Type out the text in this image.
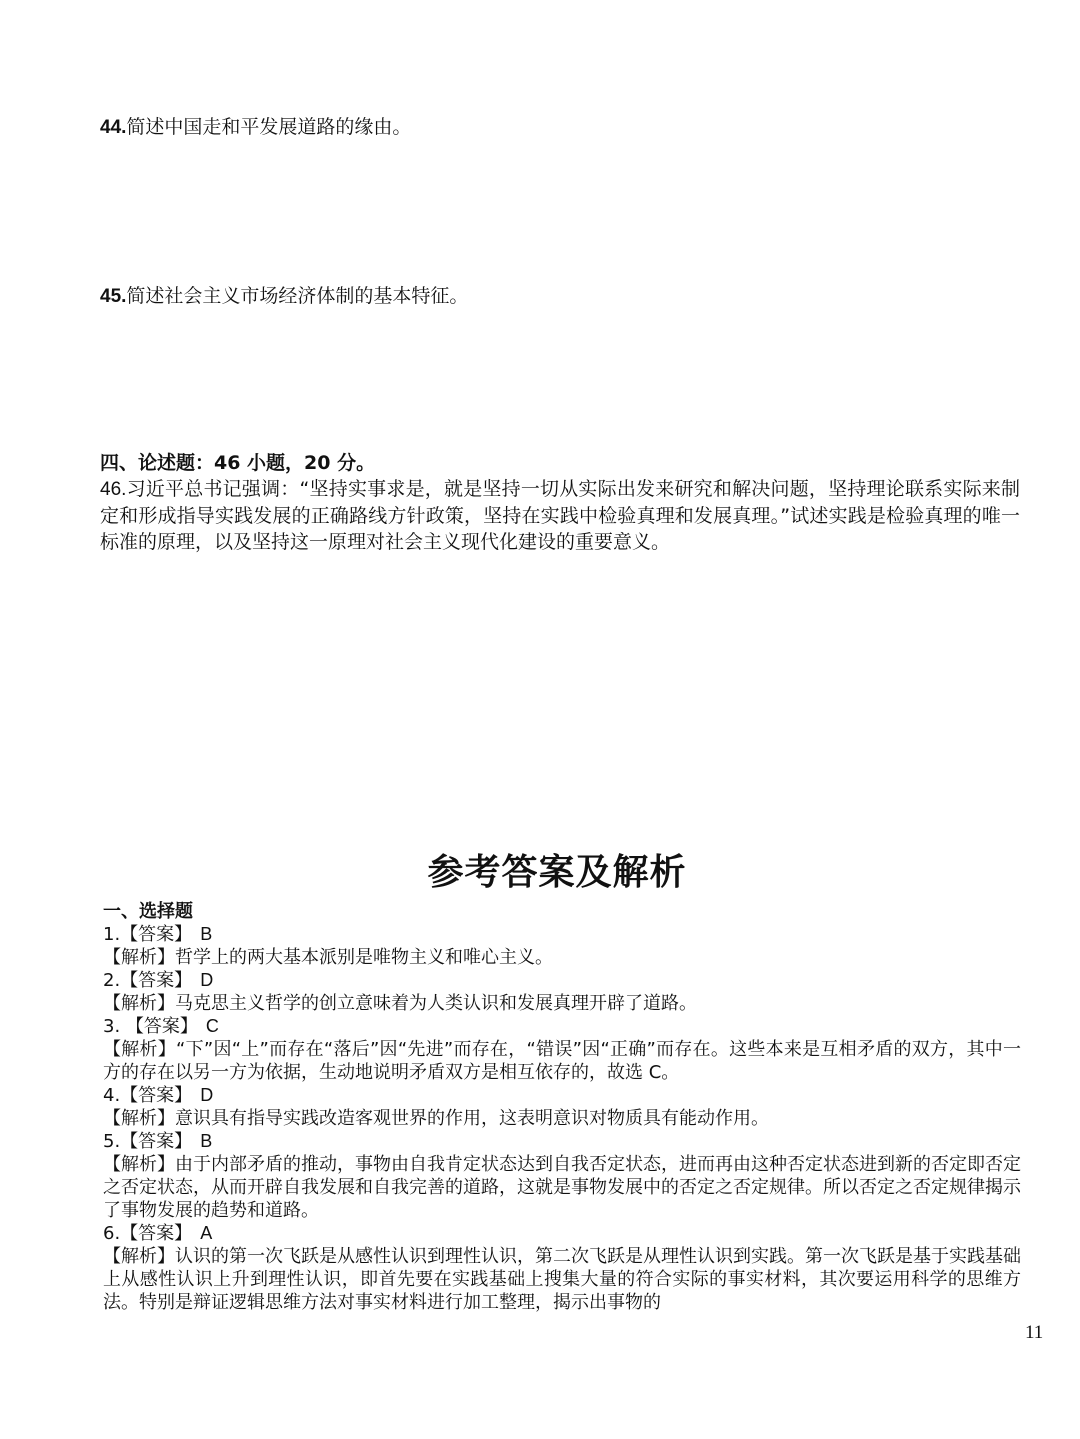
44.简述中国走和平发展道路的缘由。
45.简述社会主义市场经济体制的基本特征。
四、论述题：46 小题，20 分。
46.习近平总书记强调：“坚持实事求是，就是坚持一切从实际出发来研究和解决问题，坚持理论联系实际来制定和形成指导实践发展的正确路线方针政策，坚持在实践中检验真理和发展真理。”试述实践是检验真理的唯一标准的原理，以及坚持这一原理对社会主义现代化建设的重要意义。
参考答案及解析
一、选择题
1.【答案】 B
【解析】哲学上的两大基本派别是唯物主义和唯心主义。
2.【答案】 D
【解析】马克思主义哲学的创立意味着为人类认识和发展真理开辟了道路。
3. 【答案】 C
【解析】“下”因“上”而存在“落后”因“先进”而存在，“错误”因“正确”而存在。这些本来是互相矛盾的双方，其中一方的存在以另一方为依据，生动地说明矛盾双方是相互依存的，故选 C。
4.【答案】 D
【解析】意识具有指导实践改造客观世界的作用，这表明意识对物质具有能动作用。
5.【答案】 B
【解析】由于内部矛盾的推动，事物由自我肯定状态达到自我否定状态，进而再由这种否定状态进到新的否定即否定之否定状态，从而开辟自我发展和自我完善的道路，这就是事物发展中的否定之否定规律。所以否定之否定规律揭示了事物发展的趋势和道路。
6.【答案】 A
【解析】认识的第一次飞跃是从感性认识到理性认识，第二次飞跃是从理性认识到实践。第一次飞跃是基于实践基础上从感性认识上升到理性认识，即首先要在实践基础上搜集大量的符合实际的事实材料，其次要运用科学的思维方法。特别是辩证逻辑思维方法对事实材料进行加工整理，揭示出事物的
11
